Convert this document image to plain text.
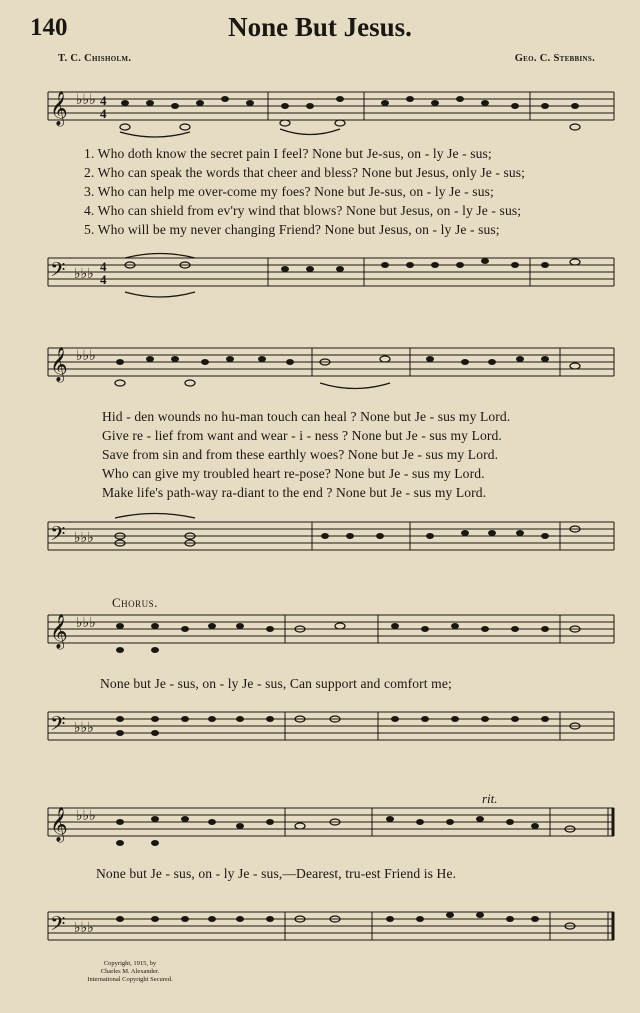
140	None But Jesus.
T. C. Chisholm.	Geo. C. Stebbins.
𝄞 ♭♭♭ 4
4
1. Who doth know the secret pain I feel? None but Je-sus, on - ly Je - sus;
2. Who can speak the words that cheer and bless? None but Jesus, only Je - sus;
3. Who can help me over-come my foes? None but Je-sus, on - ly Je - sus;
4. Who can shield from ev'ry wind that blows? None but Jesus, on - ly Je - sus;
5. Who will be my never changing Friend? None but Jesus, on - ly Je - sus;
𝄢 ♭♭♭
4
4
𝄞 ♭♭♭
Hid - den wounds no hu-man touch can heal ? None but Je - sus my Lord.
Give re - lief from want and wear - i - ness ? None but Je - sus my Lord.
Save from sin and from these earthly woes? None but Je - sus my Lord.
Who can give my troubled heart re-pose? None but Je - sus my Lord.
Make life's path-way ra-diant to the end ? None but Je - sus my Lord.
𝄢 ♭♭♭
Chorus.
𝄞 ♭♭♭
None but Je - sus, on - ly Je - sus, Can support and comfort me;
𝄢 ♭♭♭
rit.
𝄞 ♭♭♭
None but Je - sus, on - ly Je - sus,—Dearest, tru-est Friend is He.
𝄢 ♭♭♭
Copyright, 1915, by
Charles M. Alexander.
International Copyright Secured.
